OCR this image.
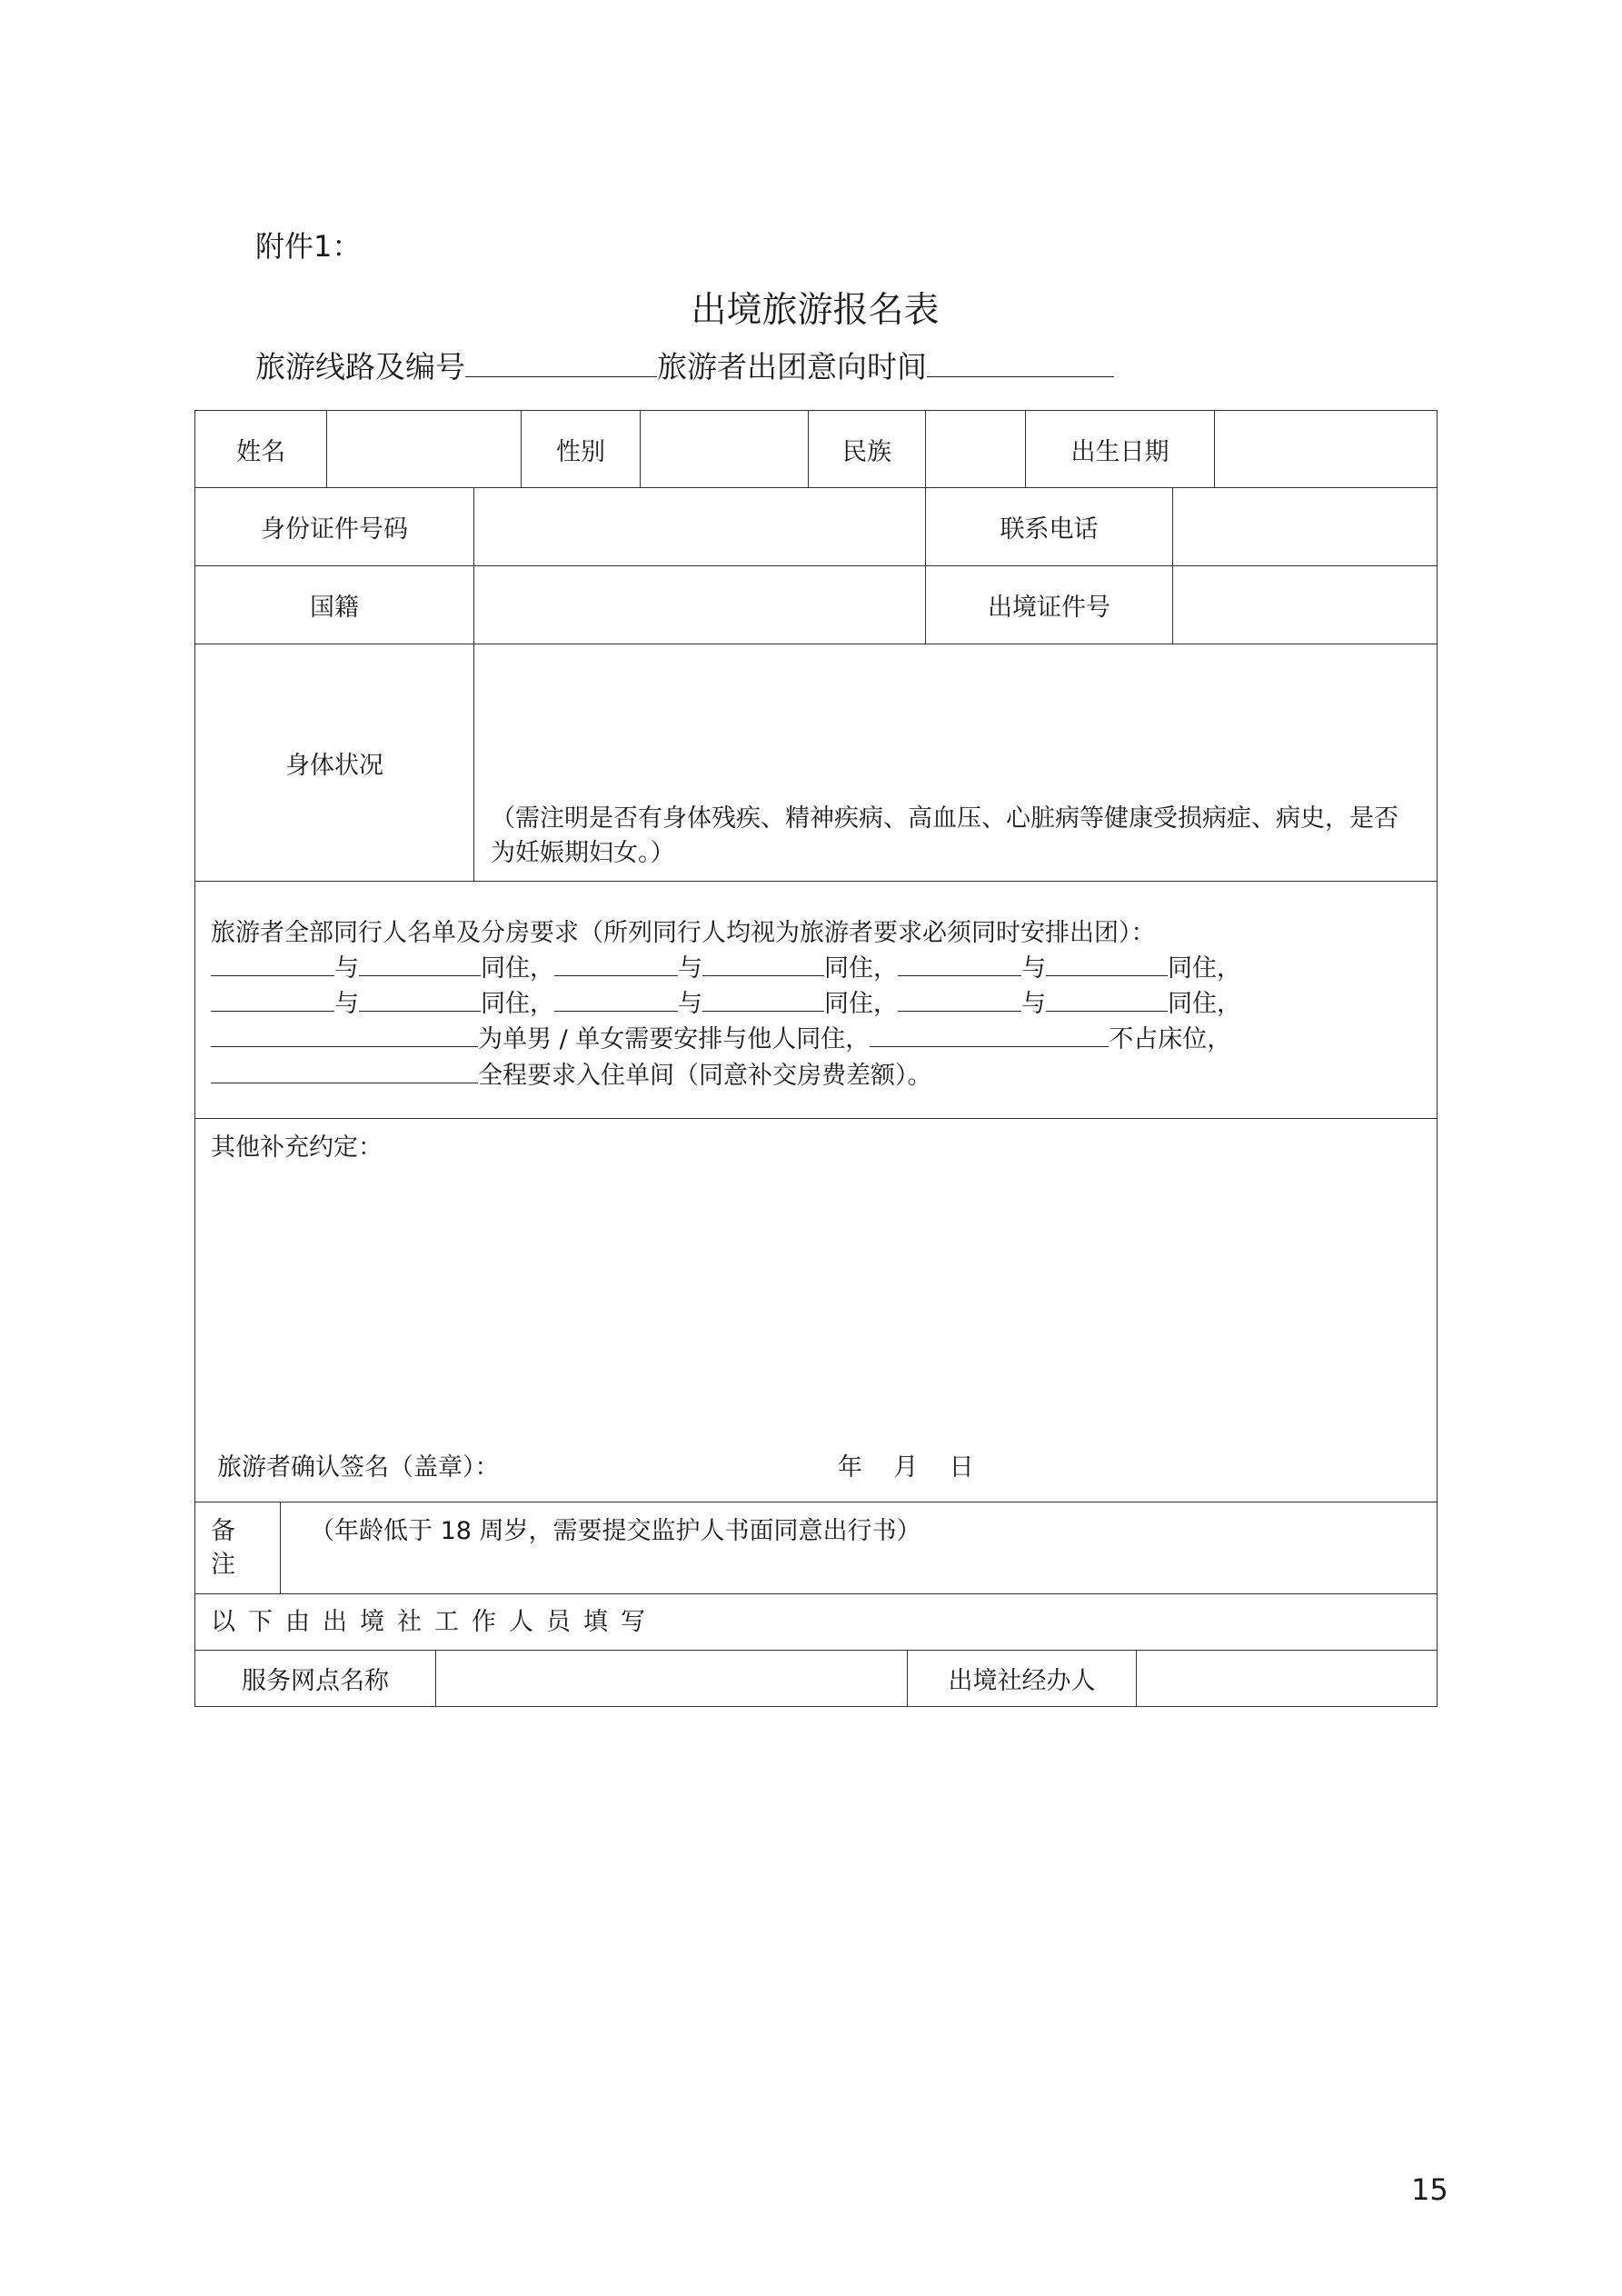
附件1：
出境旅游报名表
旅游线路及编号	旅游者出团意向时间
姓名	性别	民族	出生日期
身份证件号码	联系电话
国籍	出境证件号
身体状况
（需注明是否有身体残疾、精神疾病、高血压、心脏病等健康受损病症、病史，是否
为妊娠期妇女。）
旅游者全部同行人名单及分房要求（所列同行人均视为旅游者要求必须同时安排出团）：
与	同住，	与	同住，	与	同住，
与	同住，	与	同住，	与	同住，
为单男 / 单女需要安排与他人同住，	不占床位，
全程要求入住单间（同意补交房费差额）。
其他补充约定：
旅游者确认签名（盖章）：	年    月    日
备
注
（年龄低于 18 周岁，需要提交监护人书面同意出行书）
以下由出境社工作人员填写
服务网点名称	出境社经办人
15
